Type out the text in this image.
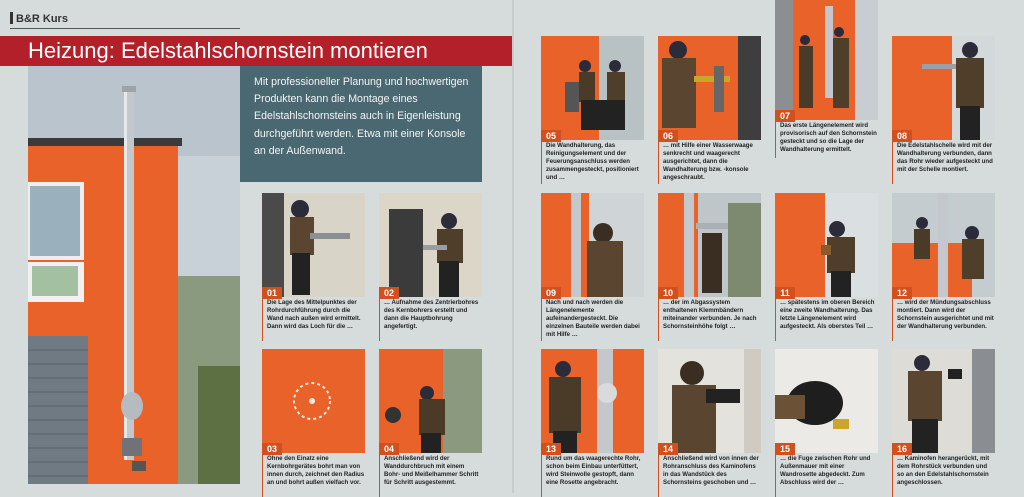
B&R Kurs
Heizung: Edelstahlschornstein montieren

Mit professioneller Planung und hochwertigen Produkten kann die Montage eines Edelstahlschornsteins auch in Eigenleistung durchgeführt werden. Etwa mit einer Konsole an der Außenwand.

01
Die Lage des Mittelpunktes der Rohrdurchführung durch die Wand nach außen wird ermittelt. Dann wird das Loch für die …
02
… Aufnahme des Zentrierbohres des Kernbohrers erstellt und dann die Hauptbohrung angefertigt.
03
Ohne den Einatz eine Kernbohrgerätes bohrt man von innen durch, zeichnet den Radius an und bohrt außen vielfach vor.
04
Anschließend wird der Wanddurchbruch mit einem Bohr- und Meißelhammer Schritt für Schritt ausgestemmt.
05
Die Wandhalterung, das Reinigungselement und der Feuerungsanschluss werden zusammengesteckt, positioniert und …
06
… mit Hilfe einer Wasserwaage senkrecht und waagerecht ausgerichtet, dann die Wandhalterung bzw. -konsole angeschraubt.
07
Das erste Längenelement wird provisorisch auf den Schornstein gesteckt und so die Lage der Wandhalterung ermittelt.
08
Die Edelstahlschelle wird mit der Wandhalterung verbunden, dann das Rohr wieder aufgesteckt und mit der Schelle montiert.
09
Nach und nach werden die Längenelemente aufeinandergesteckt. Die einzelnen Bauteile werden dabei mit Hilfe …
10
… der im Abgassystem enthaltenen Klemmbändern miteinander verbunden. Je nach Schornsteinhöhe folgt …
11
… spätestens im oberen Bereich eine zweite Wandhalterung. Das letzte Längenelement wird aufgesteckt. Als oberstes Teil …
12
… wird der Mündungsabschluss montiert. Dann wird der Schornstein ausgerichtet und mit der Wandhalterung verbunden.
13
Rund um das waagerechte Rohr, schon beim Einbau unterfüttert, wird Steinwolle gestopft, dann eine Rosette angebracht.
14
Anschließend wird von innen der Rohranschluss des Kaminofens in das Wandstück des Schornsteins geschoben und …
15
… die Fuge zwischen Rohr und Außenmauer mit einer Wandrosette abgedeckt. Zum Abschluss wird der …
16
… Kaminofen herangerückt, mit dem Rohrstück verbunden und so an den Edelstahlschornstein angeschlossen.
